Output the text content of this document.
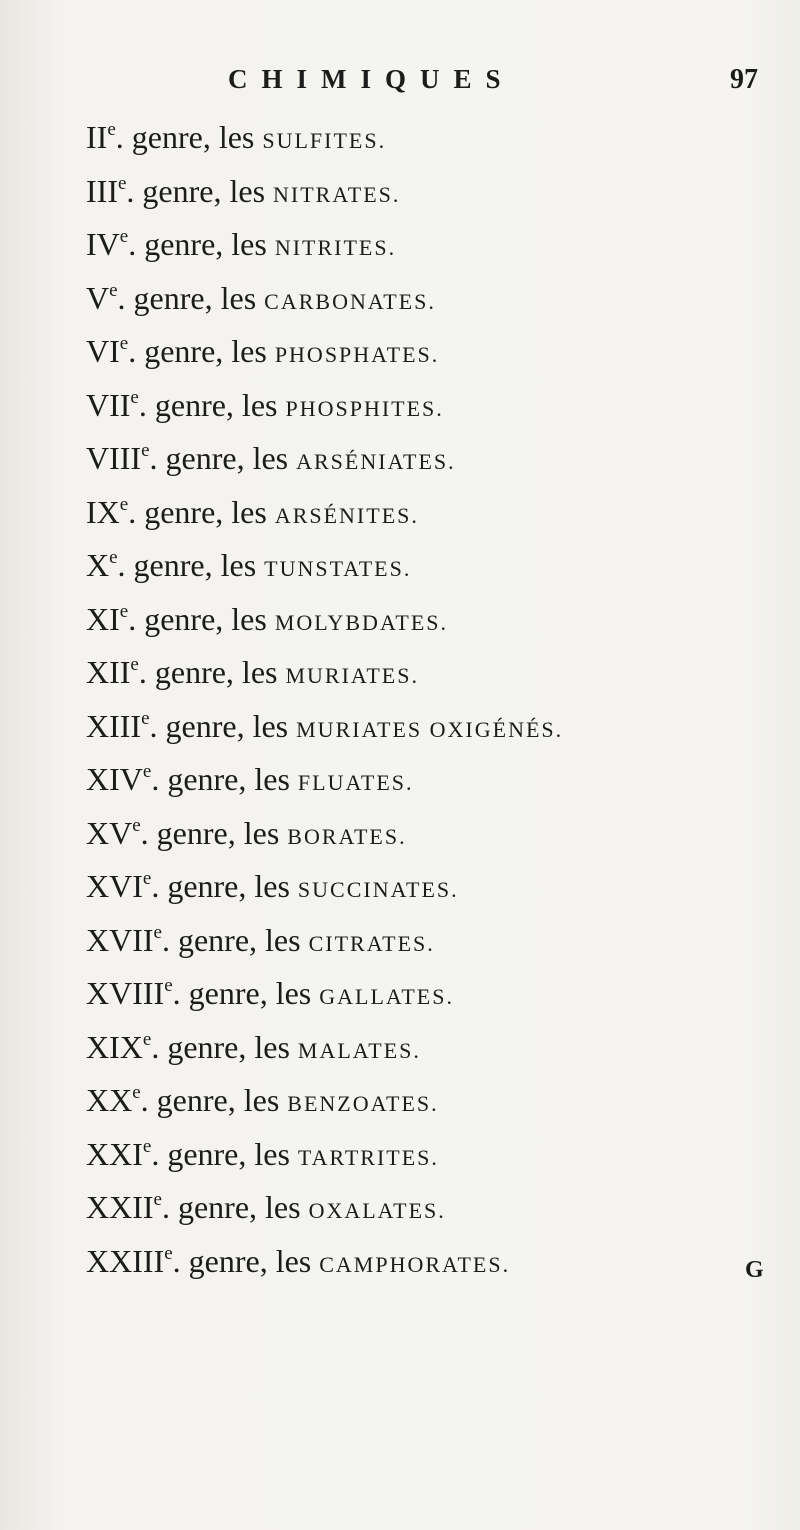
CHIMIQUES	97
IIe. genre, les SULFITES.
IIIe. genre, les NITRATES.
IVe. genre, les NITRITES.
Ve. genre, les CARBONATES.
VIe. genre, les PHOSPHATES.
VIIe. genre, les PHOSPHITES.
VIIIe. genre, les ARSÉNIATES.
IXe. genre, les ARSÉNITES.
Xe. genre, les TUNSTATES.
XIe. genre, les MOLYBDATES.
XIIe. genre, les MURIATES.
XIIIe. genre, les MURIATES OXIGÉNÉS.
XIVe. genre, les FLUATES.
XVe. genre, les BORATES.
XVIe. genre, les SUCCINATES.
XVIIe. genre, les CITRATES.
XVIIIe. genre, les GALLATES.
XIXe. genre, les MALATES.
XXe. genre, les BENZOATES.
XXIe. genre, les TARTRITES.
XXIIe. genre, les OXALATES.
XXIIIe. genre, les CAMPHORATES.	G
